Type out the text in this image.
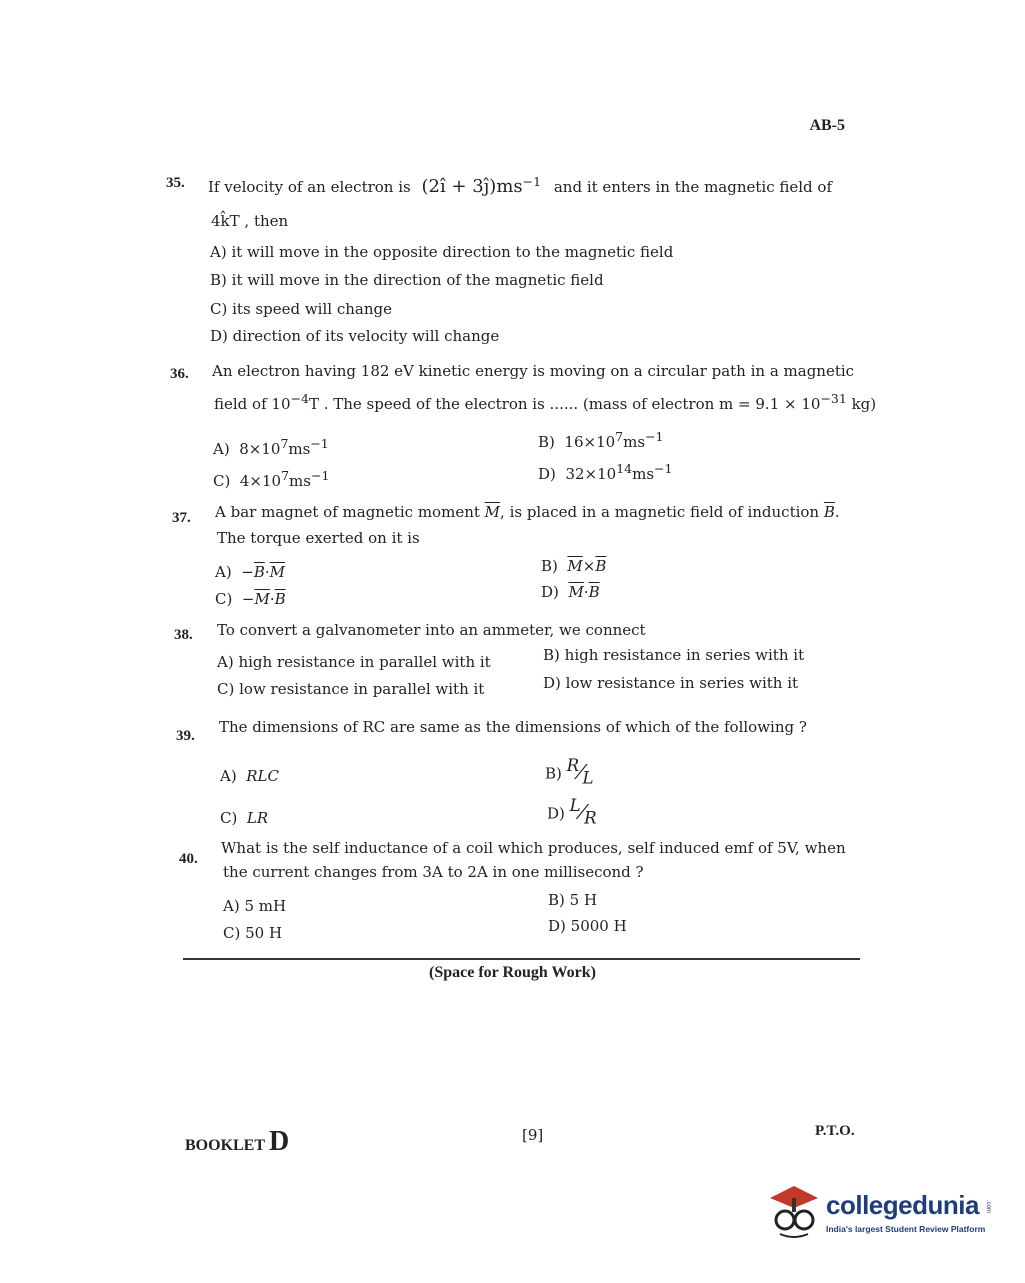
AB-5
35. If velocity of an electron is (2î + $3ĵ)ms^{-1}$ and it enters in the magnetic field of
4k̂T , then
A) it will move in the opposite direction to the magnetic field
B) it will move in the direction of the magnetic field
C) its speed will change
D) direction of its velocity will change
36. An electron having 182 eV kinetic energy is moving on a circular path in a magnetic
field of $10^{-4}T$ . The speed of the electron is ...... (mass of electron $m = 9.1 \times 10^{-31}$ kg)
A) $8\times 10^7ms^{-1}$	B) $16\times 10^7ms^{-1}$
C) $4\times 10^7ms^{-1}$	D) $32\times 10^{14}ms^{-1}$
37. A bar magnet of magnetic moment $\overline{M}$, is placed in a magnetic field of induction $\overline{B}$.
The torque exerted on it is
$A) -\overline{B}\cdot\overline{M}$	B) $\overline{M}\times\overline{B}$
$C) -\overline{M}\cdot\overline{B}$	D) $\overline{M}\cdot\overline{B}$
38. To convert a galvanometer into an ammeter, we connect
A) high resistance in parallel with it	B) high resistance in series with it
C) low resistance in parallel with it	D) low resistance in series with it
39. The dimensions of RC are same as the dimensions of which of the following ?
A) RLC	B) $^R⁄_L$
C) LR	D) $^L⁄_R$
40.
What is the self inductance of a coil which produces, self induced emf of 5V, when
the current changes from 3A to 2A in one millisecond ?
A) 5 mH	B) 5 H
C) 50 H	D) 5000 H
(Space for Rough Work)
BOOKLET D	[9]	P.T.O.
collegedunia .com
India's largest Student Review Platform
